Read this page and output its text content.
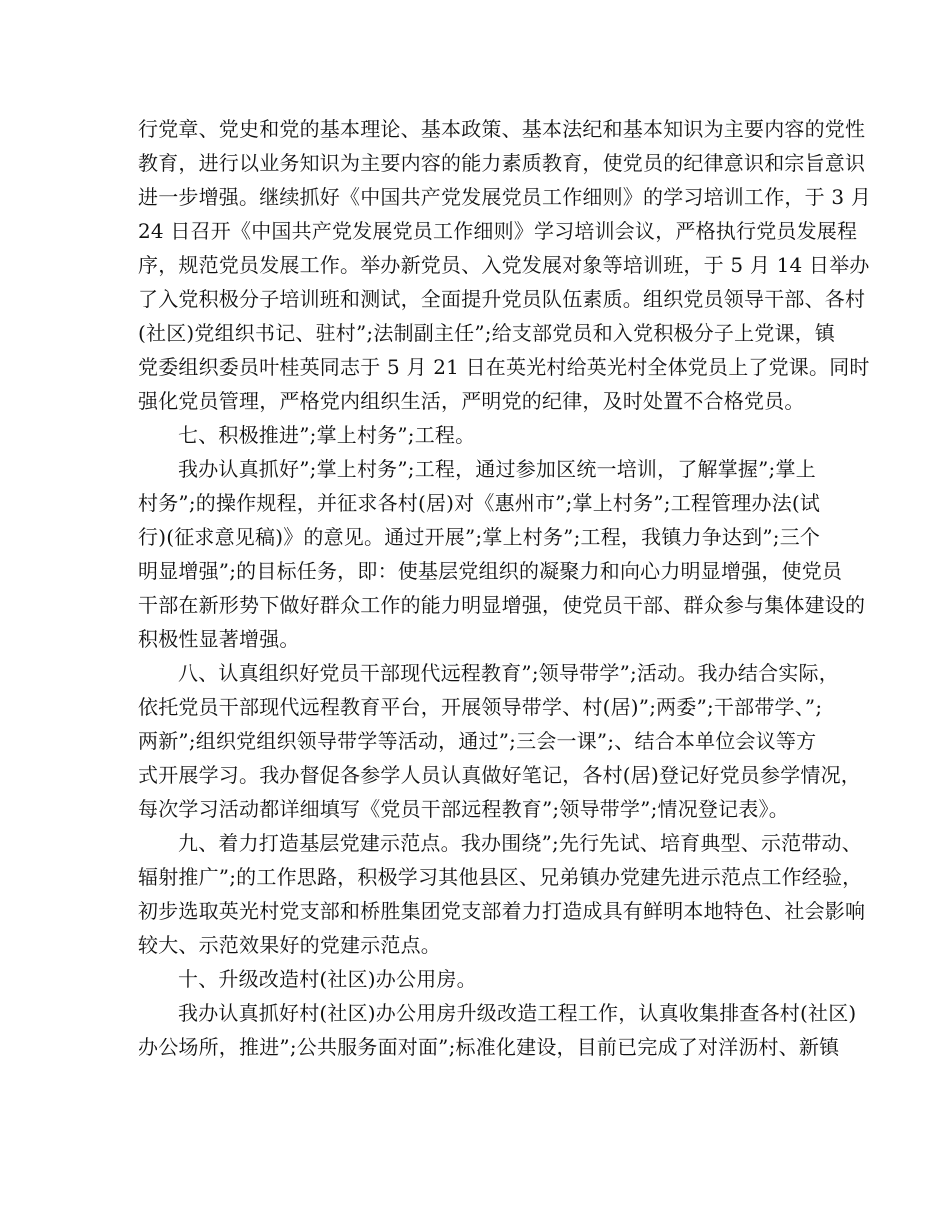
行党章、党史和党的基本理论、基本政策、基本法纪和基本知识为主要内容的党性
教育，进行以业务知识为主要内容的能力素质教育，使党员的纪律意识和宗旨意识
进一步增强。继续抓好《中国共产党发展党员工作细则》的学习培训工作，于 3 月
24 日召开《中国共产党发展党员工作细则》学习培训会议，严格执行党员发展程
序，规范党员发展工作。举办新党员、入党发展对象等培训班，于 5 月 14 日举办
了入党积极分子培训班和测试，全面提升党员队伍素质。组织党员领导干部、各村
(社区)党组织书记、驻村”;法制副主任”;给支部党员和入党积极分子上党课，镇
党委组织委员叶桂英同志于 5 月 21 日在英光村给英光村全体党员上了党课。同时
强化党员管理，严格党内组织生活，严明党的纪律，及时处置不合格党员。
七、积极推进”;掌上村务”;工程。
我办认真抓好”;掌上村务”;工程，通过参加区统一培训，了解掌握”;掌上
村务”;的操作规程，并征求各村(居)对《惠州市”;掌上村务”;工程管理办法(试
行)(征求意见稿)》的意见。通过开展”;掌上村务”;工程，我镇力争达到”;三个
明显增强”;的目标任务，即：使基层党组织的凝聚力和向心力明显增强，使党员
干部在新形势下做好群众工作的能力明显增强，使党员干部、群众参与集体建设的
积极性显著增强。
八、认真组织好党员干部现代远程教育”;领导带学”;活动。我办结合实际，
依托党员干部现代远程教育平台，开展领导带学、村(居)”;两委”;干部带学、”;
两新”;组织党组织领导带学等活动，通过”;三会一课”;、结合本单位会议等方
式开展学习。我办督促各参学人员认真做好笔记，各村(居)登记好党员参学情况，
每次学习活动都详细填写《党员干部远程教育”;领导带学”;情况登记表》。
九、着力打造基层党建示范点。我办围绕”;先行先试、培育典型、示范带动、
辐射推广”;的工作思路，积极学习其他县区、兄弟镇办党建先进示范点工作经验，
初步选取英光村党支部和桥胜集团党支部着力打造成具有鲜明本地特色、社会影响
较大、示范效果好的党建示范点。
十、升级改造村(社区)办公用房。
我办认真抓好村(社区)办公用房升级改造工程工作，认真收集排查各村(社区)
办公场所，推进”;公共服务面对面”;标准化建设，目前已完成了对洋沥村、新镇
